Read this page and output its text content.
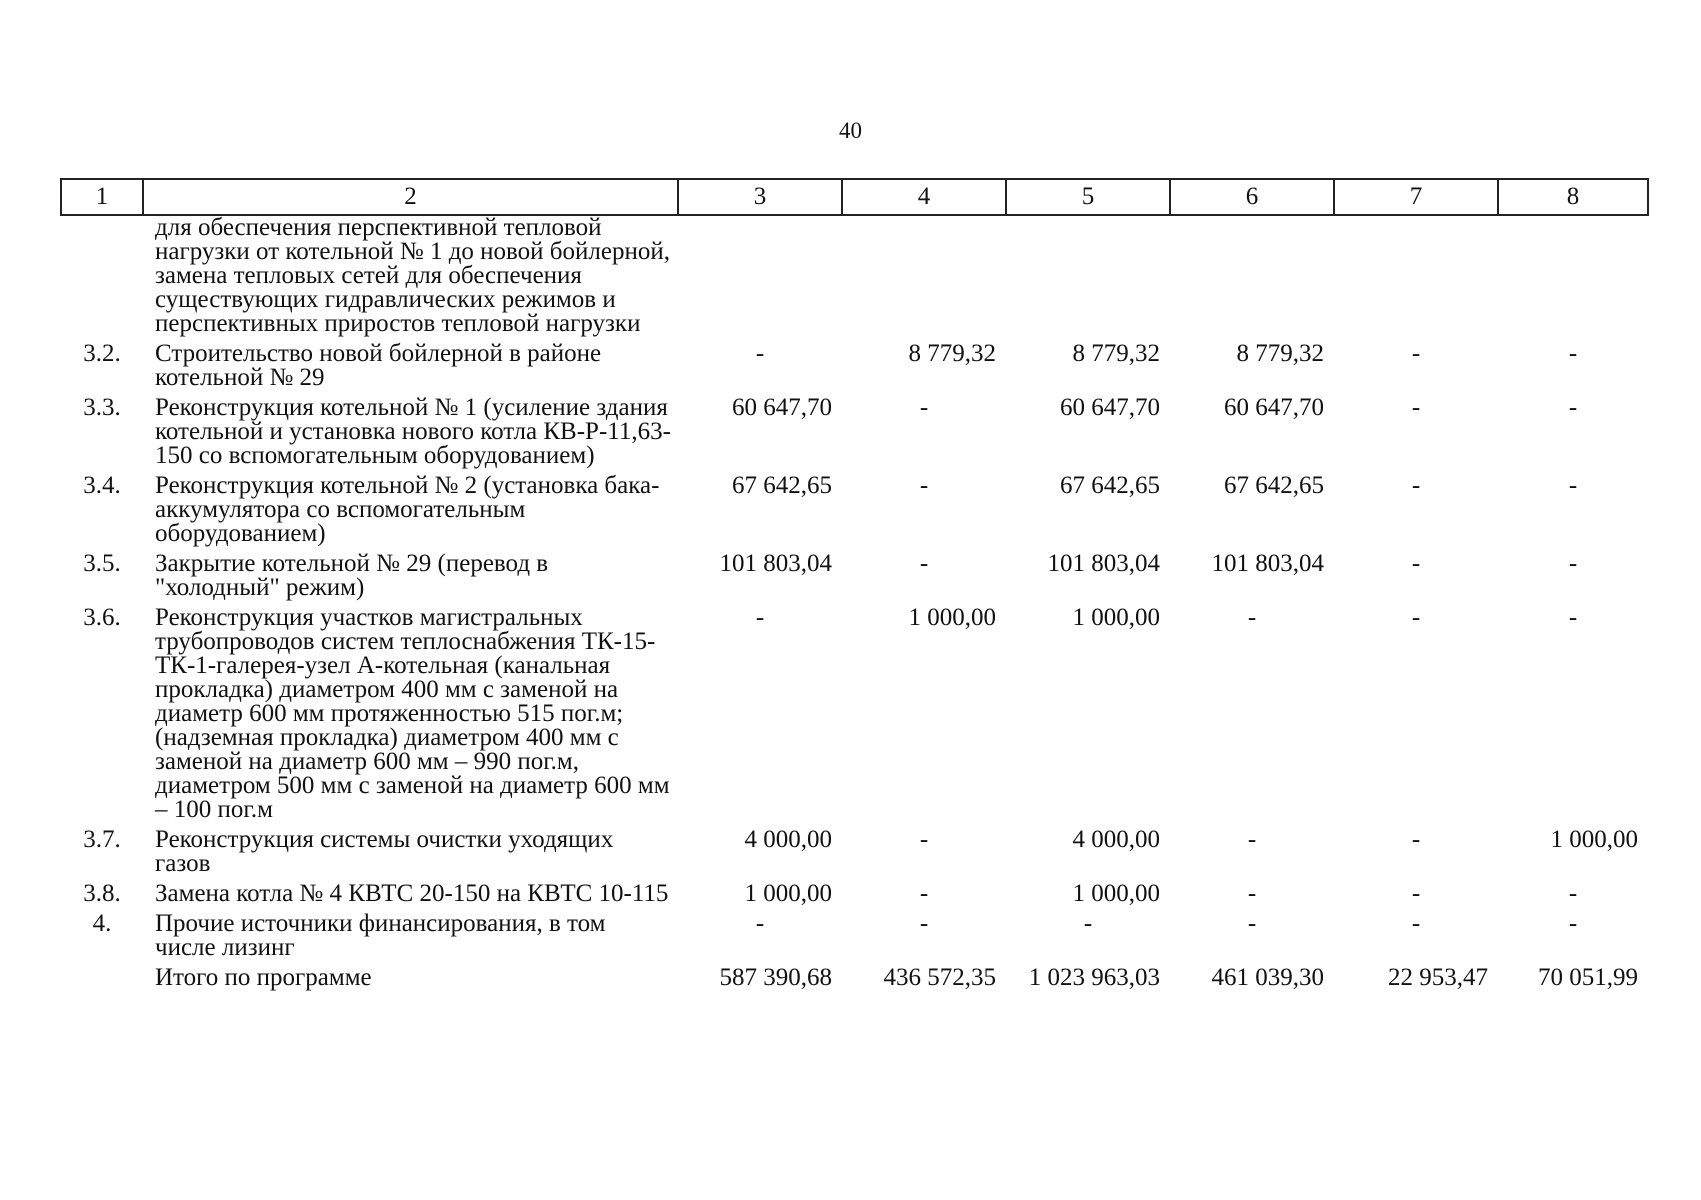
40
1	2	3	4	5	6	7	8
	для обеспечения перспективной тепловой нагрузки от котельной № 1 до новой бойлерной, замена тепловых сетей для обеспечения существующих гидравлических режимов и перспективных приростов тепловой нагрузки						
3.2.	Строительство новой бойлерной в районе котельной № 29	-	8 779,32	8 779,32	8 779,32	-	-
3.3.	Реконструкция котельной № 1 (усиление здания котельной и установка нового котла КВ-Р-11,63-150 со вспомогательным оборудованием)	60 647,70	-	60 647,70	60 647,70	-	-
3.4.	Реконструкция котельной № 2 (установка бака-аккумулятора со вспомогательным оборудованием)	67 642,65	-	67 642,65	67 642,65	-	-
3.5.	Закрытие котельной № 29 (перевод в "холодный" режим)	101 803,04	-	101 803,04	101 803,04	-	-
3.6.	Реконструкция участков магистральных трубопроводов систем теплоснабжения ТК-15-ТК-1-галерея-узел А-котельная (канальная прокладка) диаметром 400 мм с заменой на диаметр 600 мм протяженностью 515 пог.м; (надземная прокладка) диаметром 400 мм с заменой на диаметр 600 мм – 990 пог.м, диаметром 500 мм с заменой на диаметр 600 мм – 100 пог.м	-	1 000,00	1 000,00	-	-	-
3.7.	Реконструкция системы очистки уходящих газов	4 000,00	-	4 000,00	-	-	1 000,00
3.8.	Замена котла № 4 КВТС 20-150 на КВТС 10-115	1 000,00	-	1 000,00	-	-	-
4.	Прочие источники финансирования, в том числе лизинг	-	-	-	-	-	-
	Итого по программе	587 390,68	436 572,35	1 023 963,03	461 039,30	22 953,47	70 051,99
